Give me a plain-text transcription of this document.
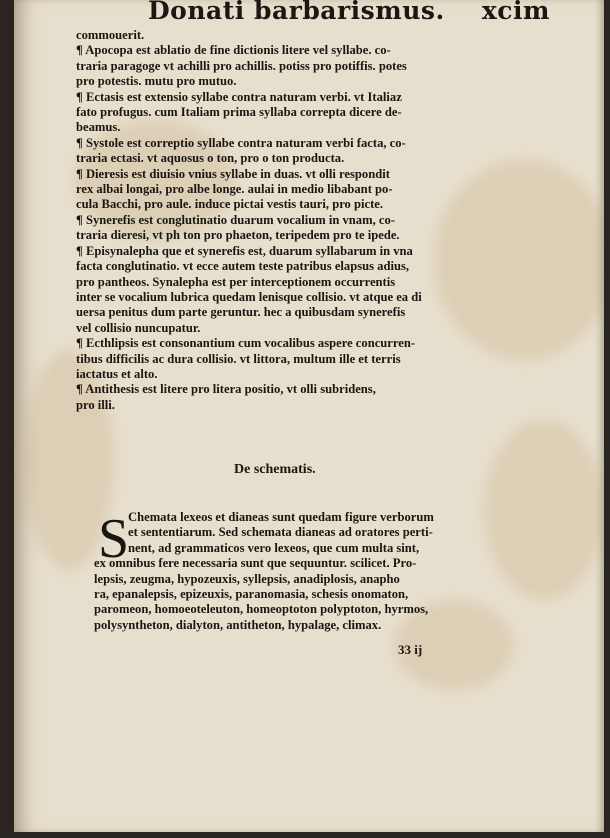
Donati barbarismus. xcim
commouerit.
¶ Apocopa est ablatio de fine dictionis litere vel syllabe. co-
traria paragoge vt achilli pro achillis. potiss pro potiffis. potes
pro potestis. mutu pro mutuo.
¶ Ectasis est extensio syllabe contra naturam verbi. vt Italiaz
fato profugus. cum Italiam prima syllaba correpta dicere de-
beamus.
¶ Systole est correptio syllabe contra naturam verbi facta, co-
traria ectasi. vt aquosus o ton, pro o ton producta.
¶ Dieresis est diuisio vnius syllabe in duas. vt olli respondit
rex albai longai, pro albe longe. aulai in medio libabant po-
cula Bacchi, pro aule. induce pictai vestis tauri, pro picte.
¶ Synerefis est conglutinatio duarum vocalium in vnam, co-
traria dieresi, vt ph ton pro phaeton, teripedem pro te ipede.
¶ Episynalepha que et synerefis est, duarum syllabarum in vna
facta conglutinatio. vt ecce autem teste patribus elapsus adius,
pro pantheos. Synalepha est per interceptionem occurrentis
inter se vocalium lubrica quedam lenisque collisio. vt atque ea di
uersa penitus dum parte geruntur. hec a quibusdam synerefis
vel collisio nuncupatur.
¶ Ecthlipsis est consonantium cum vocalibus aspere concurren-
tibus difficilis ac dura collisio. vt littora, multum ille et terris
iactatus et alto.
¶ Antithesis est litere pro litera positio, vt olli subridens,
pro illi.
De schematis.
S
Chemata lexeos et dianeas sunt quedam figure verborum
et sententiarum. Sed schemata dianeas ad oratores perti-
nent, ad grammaticos vero lexeos, que cum multa sint,
ex omnibus fere necessaria sunt que sequuntur. scilicet. Pro-
lepsis, zeugma, hypozeuxis, syllepsis, anadiplosis, anapho
ra, epanalepsis, epizeuxis, paranomasia, schesis onomaton,
paromeon, homoeoteleuton, homeoptoton polyptoton, hyrmos,
polysyntheton, dialyton, antitheton, hypalage, climax.
33 ij
